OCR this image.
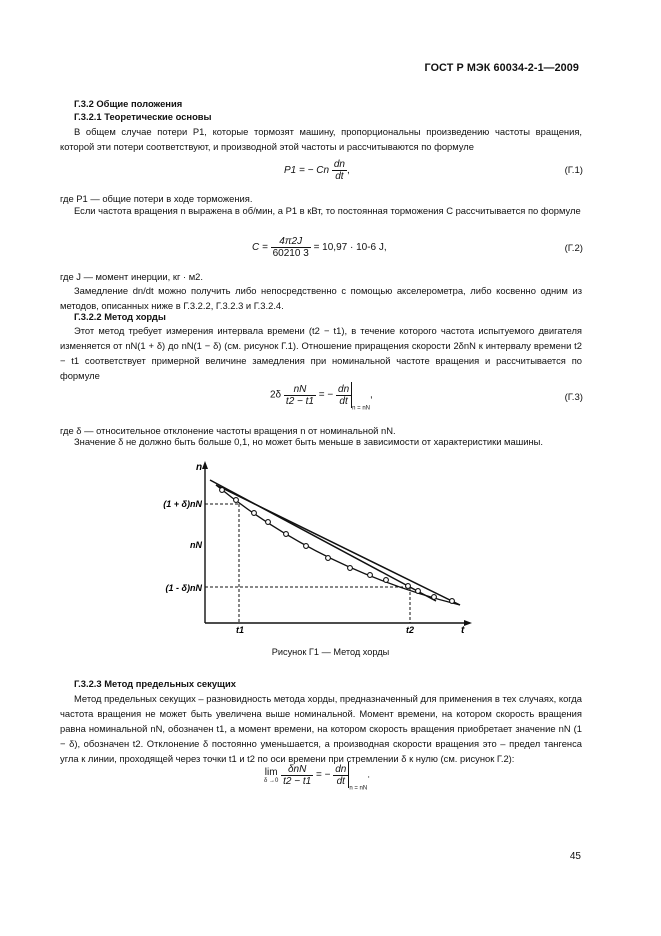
ГОСТ Р МЭК 60034-2-1—2009
Г.3.2 Общие положения
Г.3.2.1 Теоретические основы
В общем случае потери P1, которые тормозят машину, пропорциональны произведению частоты вращения, которой эти потери соответствуют, и производной этой частоты и рассчитываются по формуле
P1 = − Cn $\frac{dn}{dt}$ ,	(Г.1)
где P1 — общие потери в ходе торможения.
Если частота вращения n выражена в об/мин, а P1 в кВт, то постоянная торможения C рассчитывается по формуле
$C = \frac{4\pi 2J}{60210 3} = 10,97 \cdot 10-6$ J,	(Г.2)
где J — момент инерции, кг · м2.
Замедление dn/dt можно получить либо непосредственно с помощью акселерометра, либо косвенно одним из методов, описанных ниже в Г.3.2.2, Г.3.2.3 и Г.3.2.4.
Г.3.2.2 Метод хорды
Этот метод требует измерения интервала времени (t2 − t1), в течение которого частота испытуемого двигателя изменяется от nN(1 + δ) до nN(1 − δ) (см. рисунок Г.1). Отношение приращения скорости 2δnN к интервалу времени t2 − t1 соответствует примерной величине замедления при номинальной частоте вращения и рассчитывается по формуле
$2\delta \frac{nN}{t2 - t1}$ = − $\frac{dn}{dt}$
$_{n = nN}$,	(Г.3)
где δ — относительное отклонение частоты вращения n от номинальной nN.
Значение δ не должно быть больше 0,1, но может быть меньше в зависимости от характеристики машины.
n
t
(1 + δ)nN
nN
(1 - δ)nN
t1	t2
Рисунок Г1 — Метод хорды
Г.3.2.3 Метод предельных секущих
Метод предельных секущих – разновидность метода хорды, предназначенный для применения в тех случаях, когда частота вращения не может быть увеличена выше номинальной. Момент времени, на котором скорость вращения равна номинальной nN, обозначен t1, а момент времени, на котором скорость вращения приобретает значение nN (1 − δ), обозначен t2. Отклонение δ постоянно уменьшается, а производная скорости вращения это – предел тангенса угла к линии, проходящей через точки t1 и t2 по оси времени при стремлении δ к нулю (см. рисунок Г.2):
lim
δ →0
$\frac{\text{δnN}}{t2 - t1}$ = − $\frac{dn}{dt}$
$_{n = nN}$.
45
